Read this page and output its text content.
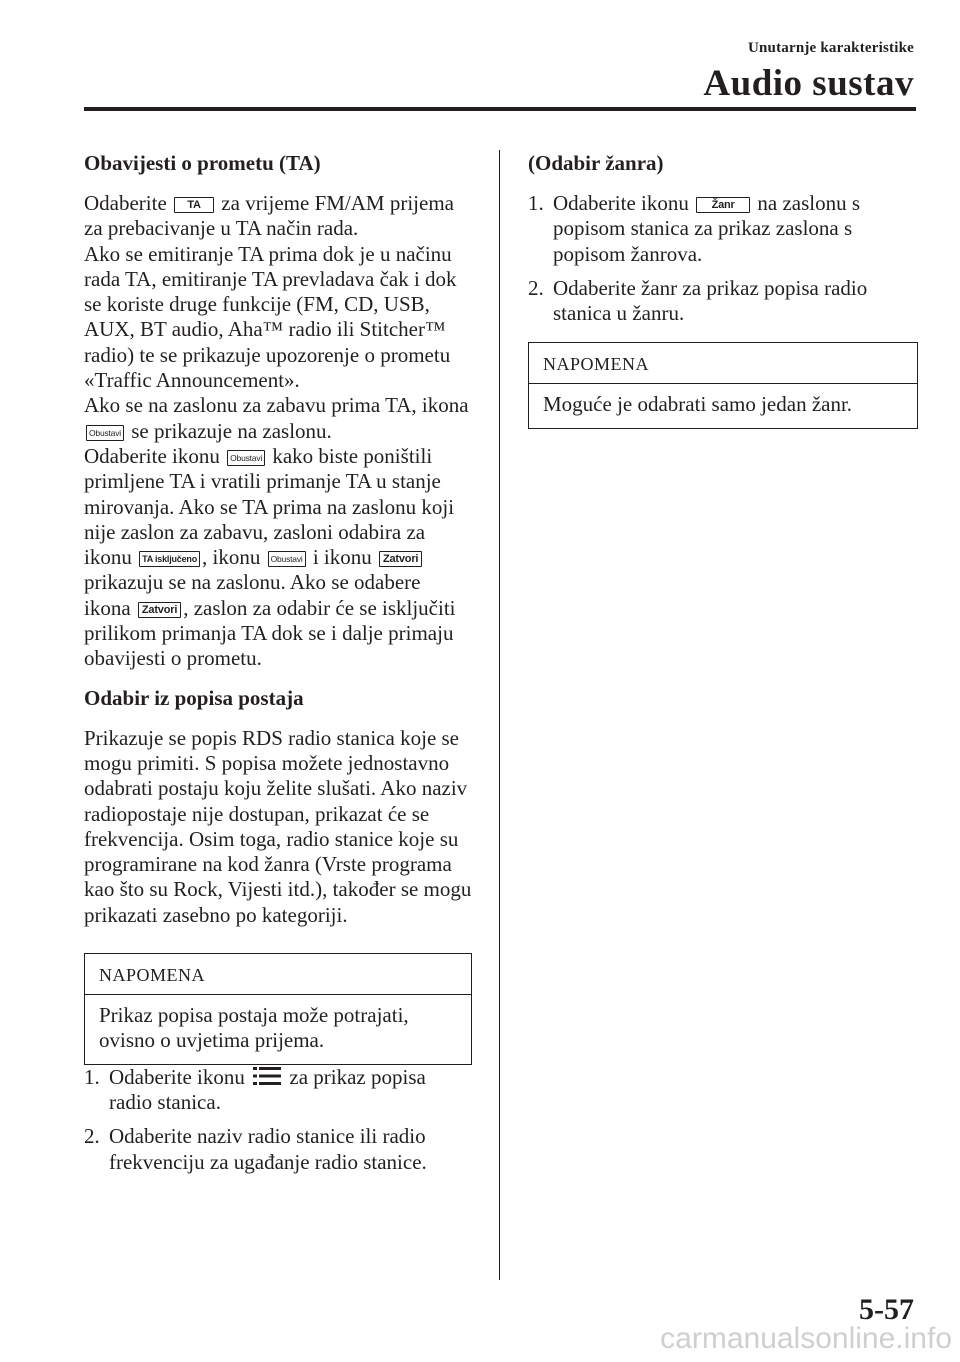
Unutarnje karakteristike
Audio sustav
Obavijesti o prometu (TA)

Odaberite TA za vrijeme FM/AM prijema za prebacivanje u TA način rada.

Ako se emitiranje TA prima dok je u načinu rada TA, emitiranje TA prevladava čak i dok se koriste druge funkcije (FM, CD, USB, AUX, BT audio, Aha™ radio ili Stitcher™ radio) te se prikazuje upozorenje o prometu «Traffic Announcement».

Ako se na zaslonu za zabavu prima TA, ikona Obustavi se prikazuje na zaslonu.

Odaberite ikonu Obustavi kako biste poništili primljene TA i vratili primanje TA u stanje mirovanja. Ako se TA prima na zaslonu koji nije zaslon za zabavu, zasloni odabira za ikonu TA isključeno , ikonu Obustavi i ikonu Zatvori prikazuju se na zaslonu. Ako se odabere ikona Zatvori , zaslon za odabir će se isključiti prilikom primanja TA dok se i dalje primaju obavijesti o prometu.

Odabir iz popisa postaja

Prikazuje se popis RDS radio stanica koje se mogu primiti. S popisa možete jednostavno odabrati postaju koju želite slušati. Ako naziv radiopostaje nije dostupan, prikazat će se frekvencija. Osim toga, radio stanice koje su programirane na kod žanra (Vrste programa kao što su Rock, Vijesti itd.), također se mogu prikazati zasebno po kategoriji.

NAPOMENA
Prikaz popisa postaja može potrajati, ovisno o uvjetima prijema.
1. Odaberite ikonu za prikaz popisa radio stanica.
2. Odaberite naziv radio stanice ili radio frekvenciju za ugađanje radio stanice.
(Odabir žanra)
1. Odaberite ikonu Žanr na zaslonu s popisom stanica za prikaz zaslona s popisom žanrova.
2. Odaberite žanr za prikaz popisa radio stanica u žanru.
NAPOMENA
Moguće je odabrati samo jedan žanr.
5-57
carmanualsonline.info
